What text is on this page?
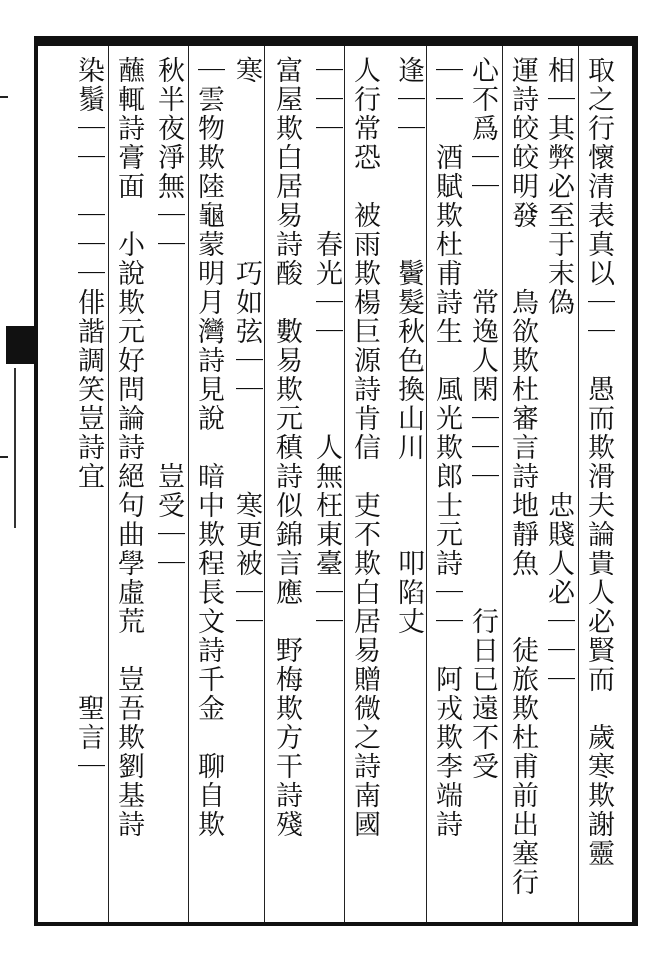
取之行懷清表真以｜｜　愚而欺滑夫論貴人必賢而　歲寒欺謝靈
相｜其弊必至于末偽　　　　　　忠賤人必｜｜｜
運詩皎皎明發　　鳥欲欺杜審言詩地靜魚　　徒旅欺杜甫前出塞行
心不爲｜｜　　　常逸人閑｜｜｜　　　　行日已遠不受
｜｜　酒賦欺杜甫詩生　風光欺郎士元詩｜｜　阿戎欺李端詩
逢｜｜　　　　鬢髮秋色換山川　　　叩陷丈
人行常恐　被雨欺楊巨源詩肯信　吏不欺白居易贈微之詩南國
｜｜｜　　　春光｜｜　　　人無枉東臺｜｜
富屋欺白居易詩酸　數易欺元稹詩似錦言應　野梅欺方干詩殘
寒　　　　　　巧如弦｜｜　　　寒更被｜｜
｜雲物欺陸龜蒙明月灣詩見說　暗中欺程長文詩千金　聊自欺
秋半夜淨無｜｜　　　　　　　豈受｜｜
蘸輒詩膏面　小說欺元好問論詩絕句曲學虛荒　豈吾欺劉基詩
染鬚｜｜　｜｜｜俳諧調笑豈詩宜　　　　　　　聖言｜
